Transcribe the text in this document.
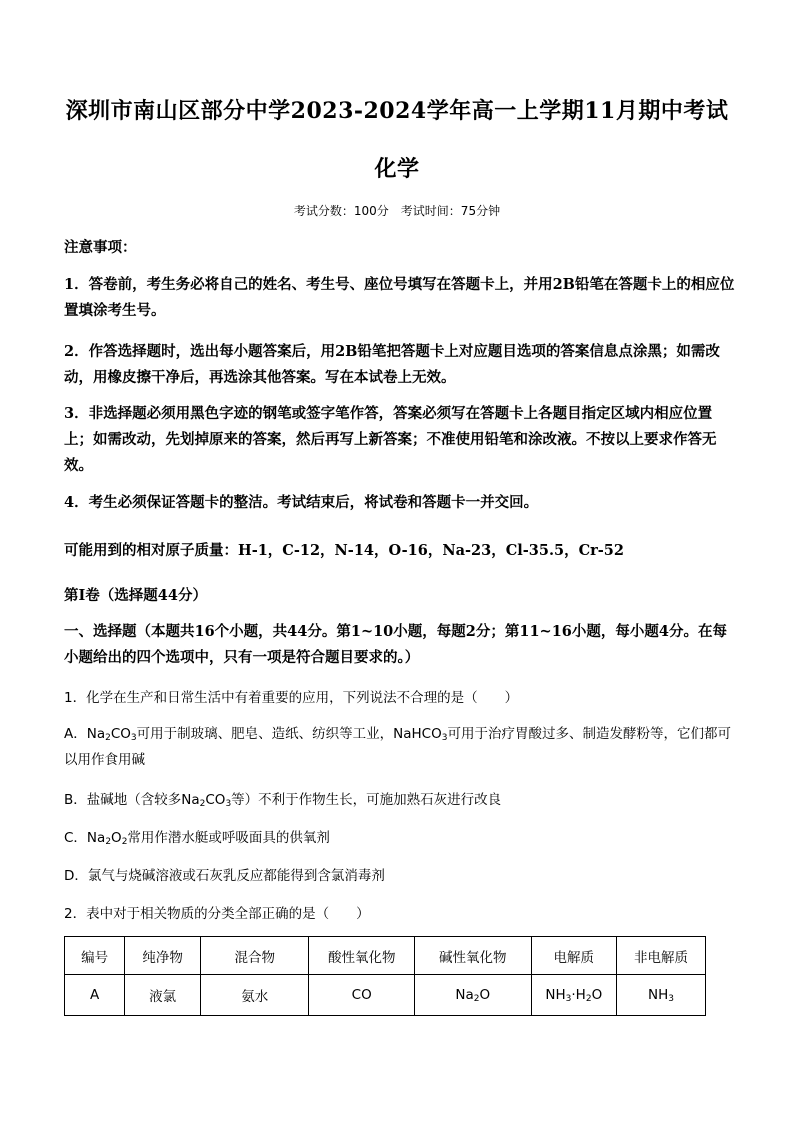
深圳市南山区部分中学2023-2024学年高一上学期11月期中考试
化学
考试分数：100分　考试时间：75分钟
注意事项：
1．答卷前，考生务必将自己的姓名、考生号、座位号填写在答题卡上，并用2B铅笔在答题卡上的相应位置填涂考生号。
2．作答选择题时，选出每小题答案后，用2B铅笔把答题卡上对应题目选项的答案信息点涂黑；如需改动，用橡皮擦干净后，再选涂其他答案。写在本试卷上无效。
3．非选择题必须用黑色字迹的钢笔或签字笔作答，答案必须写在答题卡上各题目指定区域内相应位置上；如需改动，先划掉原来的答案，然后再写上新答案；不准使用铅笔和涂改液。不按以上要求作答无效。
4．考生必须保证答题卡的整洁。考试结束后，将试卷和答题卡一并交回。
可能用到的相对原子质量：H-1，C-12，N-14，O-16，Na-23，Cl-35.5，Cr-52
第I卷（选择题44分）
一、选择题（本题共16个小题，共44分。第1~10小题，每题2分；第11~16小题，每小题4分。在每小题给出的四个选项中，只有一项是符合题目要求的。）
1．化学在生产和日常生活中有着重要的应用，下列说法不合理的是（　　）
A．$Na_2CO_3$可用于制玻璃、肥皂、造纸、纺织等工业，NaHCO$_3$可用于治疗胃酸过多、制造发酵粉等，它们都可以用作食用碱
B．盐碱地（含较多$Na_2CO_3$等）不利于作物生长，可施加熟石灰进行改良
C．$Na_2O_2$常用作潜水艇或呼吸面具的供氧剂
D．氯气与烧碱溶液或石灰乳反应都能得到含氯消毒剂
2．表中对于相关物质的分类全部正确的是（　　）
编号	纯净物	混合物	酸性氧化物	碱性氧化物	电解质	非电解质
A	液氯	氨水	CO	$Na_2O$	$NH_3\cdot H_2O$	$NH_3$
